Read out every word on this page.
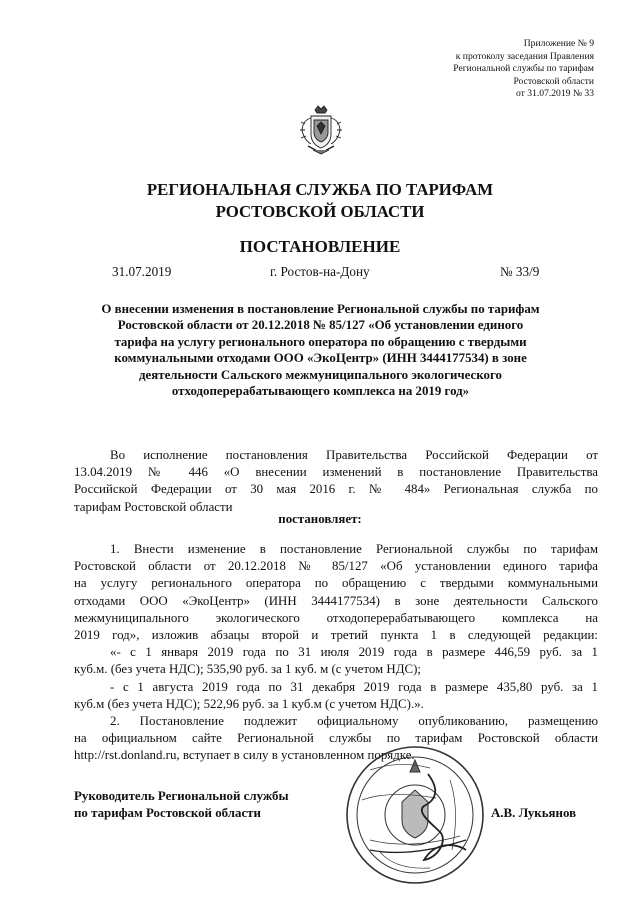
Приложение № 9
к протоколу заседания Правления
Региональной службы по тарифам
Ростовской области
от 31.07.2019 № 33
РЕГИОНАЛЬНАЯ СЛУЖБА ПО ТАРИФАМ
РОСТОВСКОЙ ОБЛАСТИ
ПОСТАНОВЛЕНИЕ
31.07.2019	г. Ростов-на-Дону	№ 33/9
О внесении изменения в постановление Региональной службы по тарифам
Ростовской области от 20.12.2018 № 85/127 «Об установлении единого
тарифа на услугу регионального оператора по обращению с твердыми
коммунальными отходами ООО «ЭкоЦентр» (ИНН 3444177534) в зоне
деятельности Сальского межмуниципального экологического
отходоперерабатывающего комплекса на 2019 год»
Во исполнение постановления Правительства Российской Федерации от
13.04.2019 № 446 «О внесении изменений в постановление Правительства
Российской Федерации от 30 мая 2016 г. № 484» Региональная служба по
тарифам Ростовской области
постановляет:
1. Внести изменение в постановление Региональной службы по тарифам
Ростовской области от 20.12.2018 № 85/127 «Об установлении единого тарифа
на услугу регионального оператора по обращению с твердыми коммунальными
отходами ООО «ЭкоЦентр» (ИНН 3444177534) в зоне деятельности Сальского
межмуниципального экологического отходоперерабатывающего комплекса на
2019 год», изложив абзацы второй и третий пункта 1 в следующей редакции:
«- с 1 января 2019 года по 31 июля 2019 года в размере 446,59 руб. за 1
куб.м. (без учета НДС); 535,90 руб. за 1 куб. м (с учетом НДС);
- с 1 августа 2019 года по 31 декабря 2019 года в размере 435,80 руб. за 1
куб.м (без учета НДС); 522,96 руб. за 1 куб.м (с учетом НДС).».
2. Постановление подлежит официальному опубликованию, размещению
на официальном сайте Региональной службы по тарифам Ростовской области
http://rst.donland.ru, вступает в силу в установленном порядке.
Руководитель Региональной службы
по тарифам Ростовской области	А.В. Лукьянов
